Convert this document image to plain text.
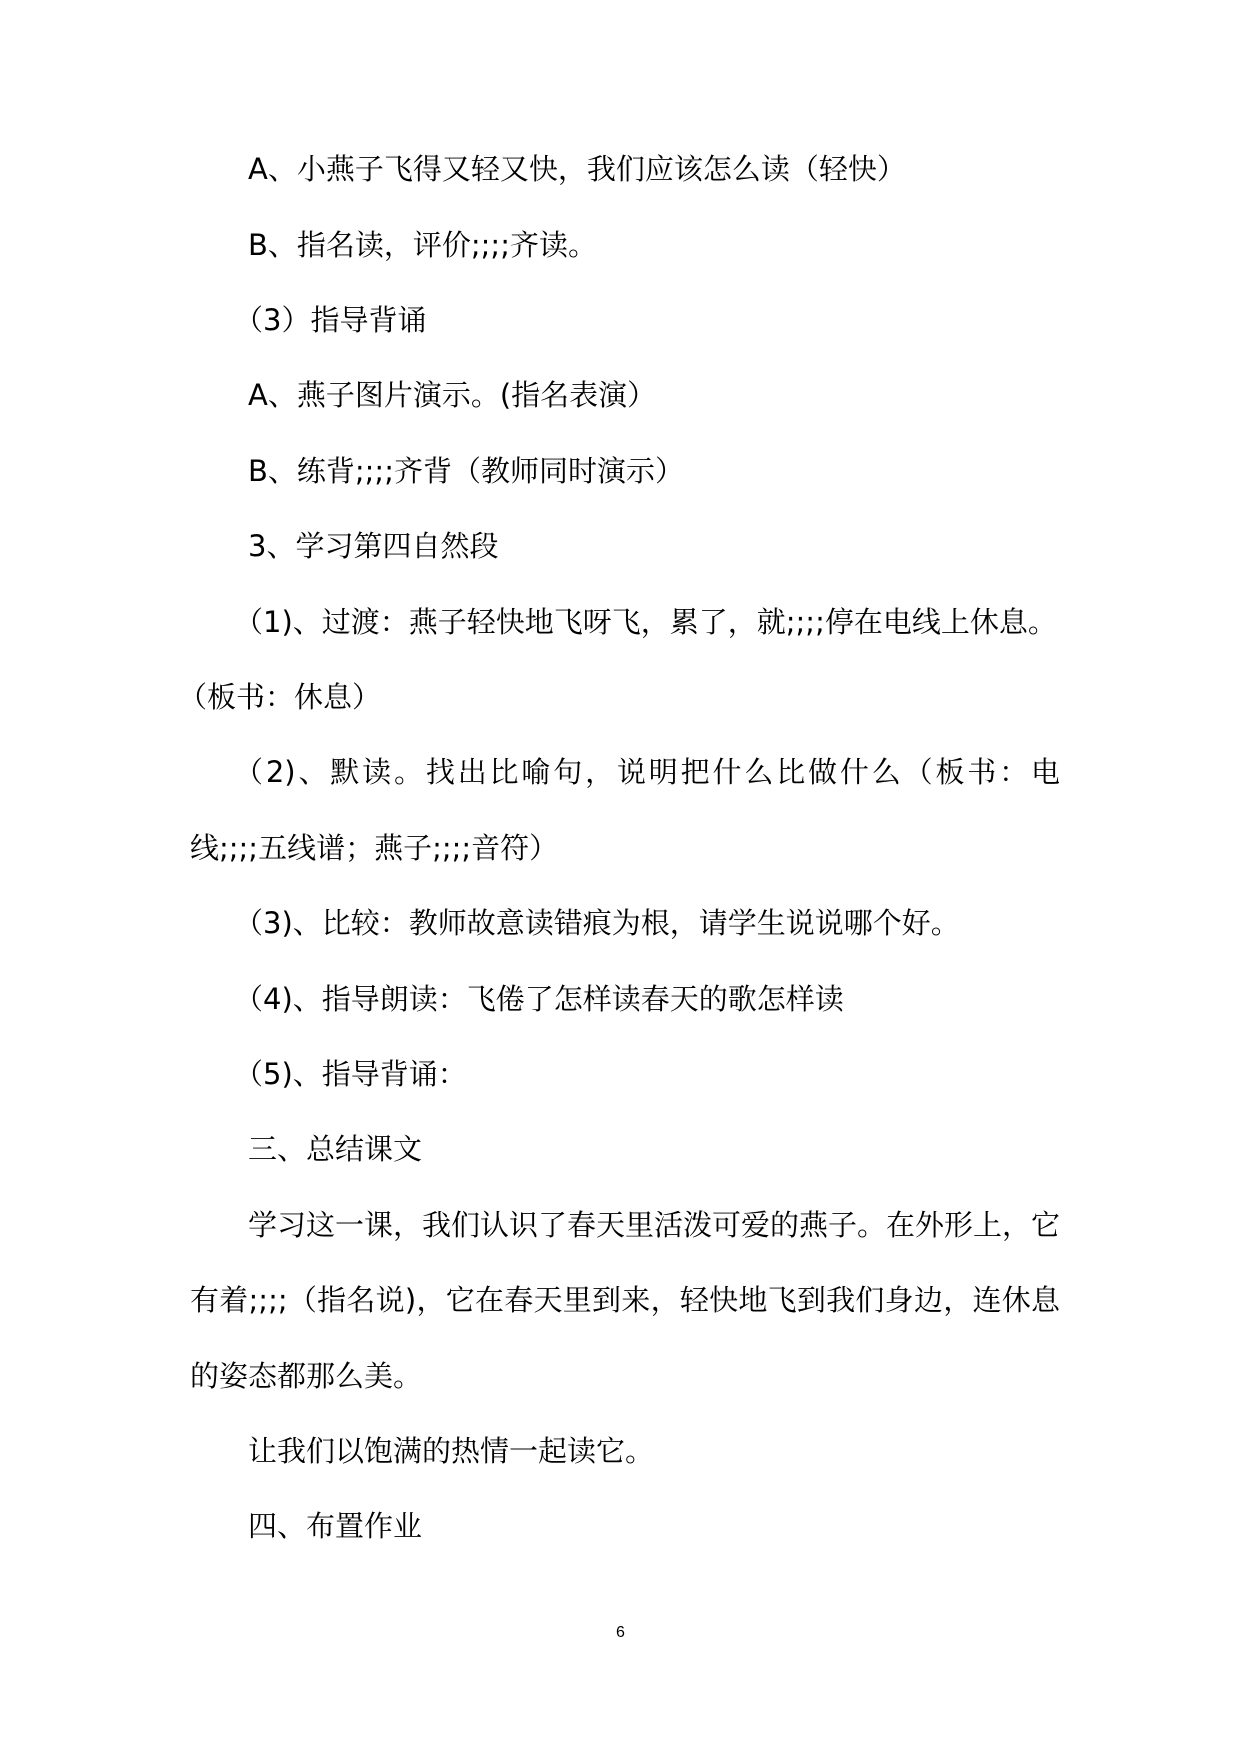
A、小燕子飞得又轻又快，我们应该怎么读（轻快）

B、指名读，评价;;;;齐读。

（3）指导背诵

A、燕子图片演示。(指名表演）

B、练背;;;;齐背（教师同时演示）

3、学习第四自然段

（1)、过渡：燕子轻快地飞呀飞，累了，就;;;;停在电线上休息。

（板书：休息）

（2)、默读。找出比喻句，说明把什么比做什么（板书：电

线;;;;五线谱；燕子;;;;音符）

（3)、比较：教师故意读错痕为根，请学生说说哪个好。

（4)、指导朗读：飞倦了怎样读春天的歌怎样读

（5)、指导背诵：

三、总结课文

学习这一课，我们认识了春天里活泼可爱的燕子。在外形上，它

有着;;;;（指名说)，它在春天里到来，轻快地飞到我们身边，连休息

的姿态都那么美。

让我们以饱满的热情一起读它。

四、布置作业

6
